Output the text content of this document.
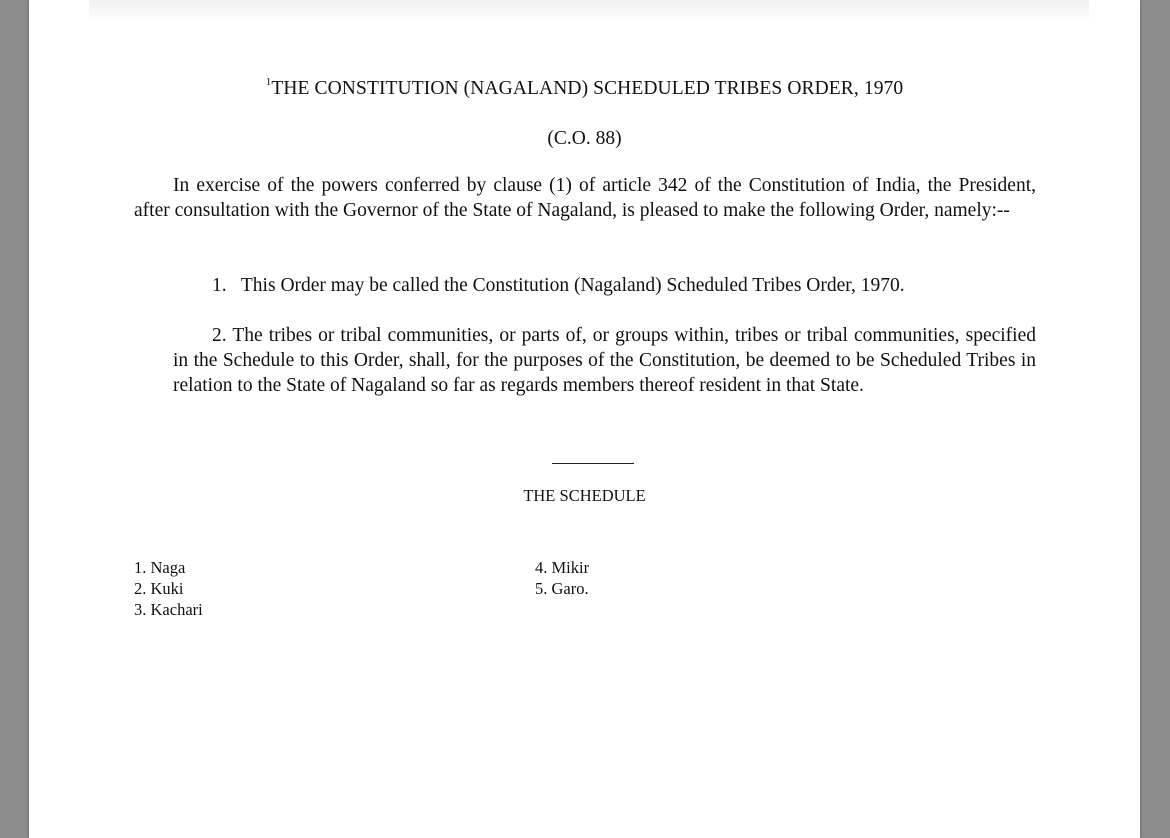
$^1$THE CONSTITUTION (NAGALAND) SCHEDULED TRIBES ORDER, 1970
(C.O. 88)
In exercise of the powers conferred by clause (1) of article 342 of the Constitution of India, the President, after consultation with the Governor of the State of Nagaland, is pleased to make the following Order, namely:--
1.   This Order may be called the Constitution (Nagaland) Scheduled Tribes Order, 1970.
2. The tribes or tribal communities, or parts of, or groups within, tribes or tribal communities, specified in the Schedule to this Order, shall, for the purposes of the Constitution, be deemed to be Scheduled Tribes in relation to the State of Nagaland so far as regards members thereof resident in that State.
THE SCHEDULE
1. Naga
2. Kuki
3. Kachari
4. Mikir
5. Garo.
